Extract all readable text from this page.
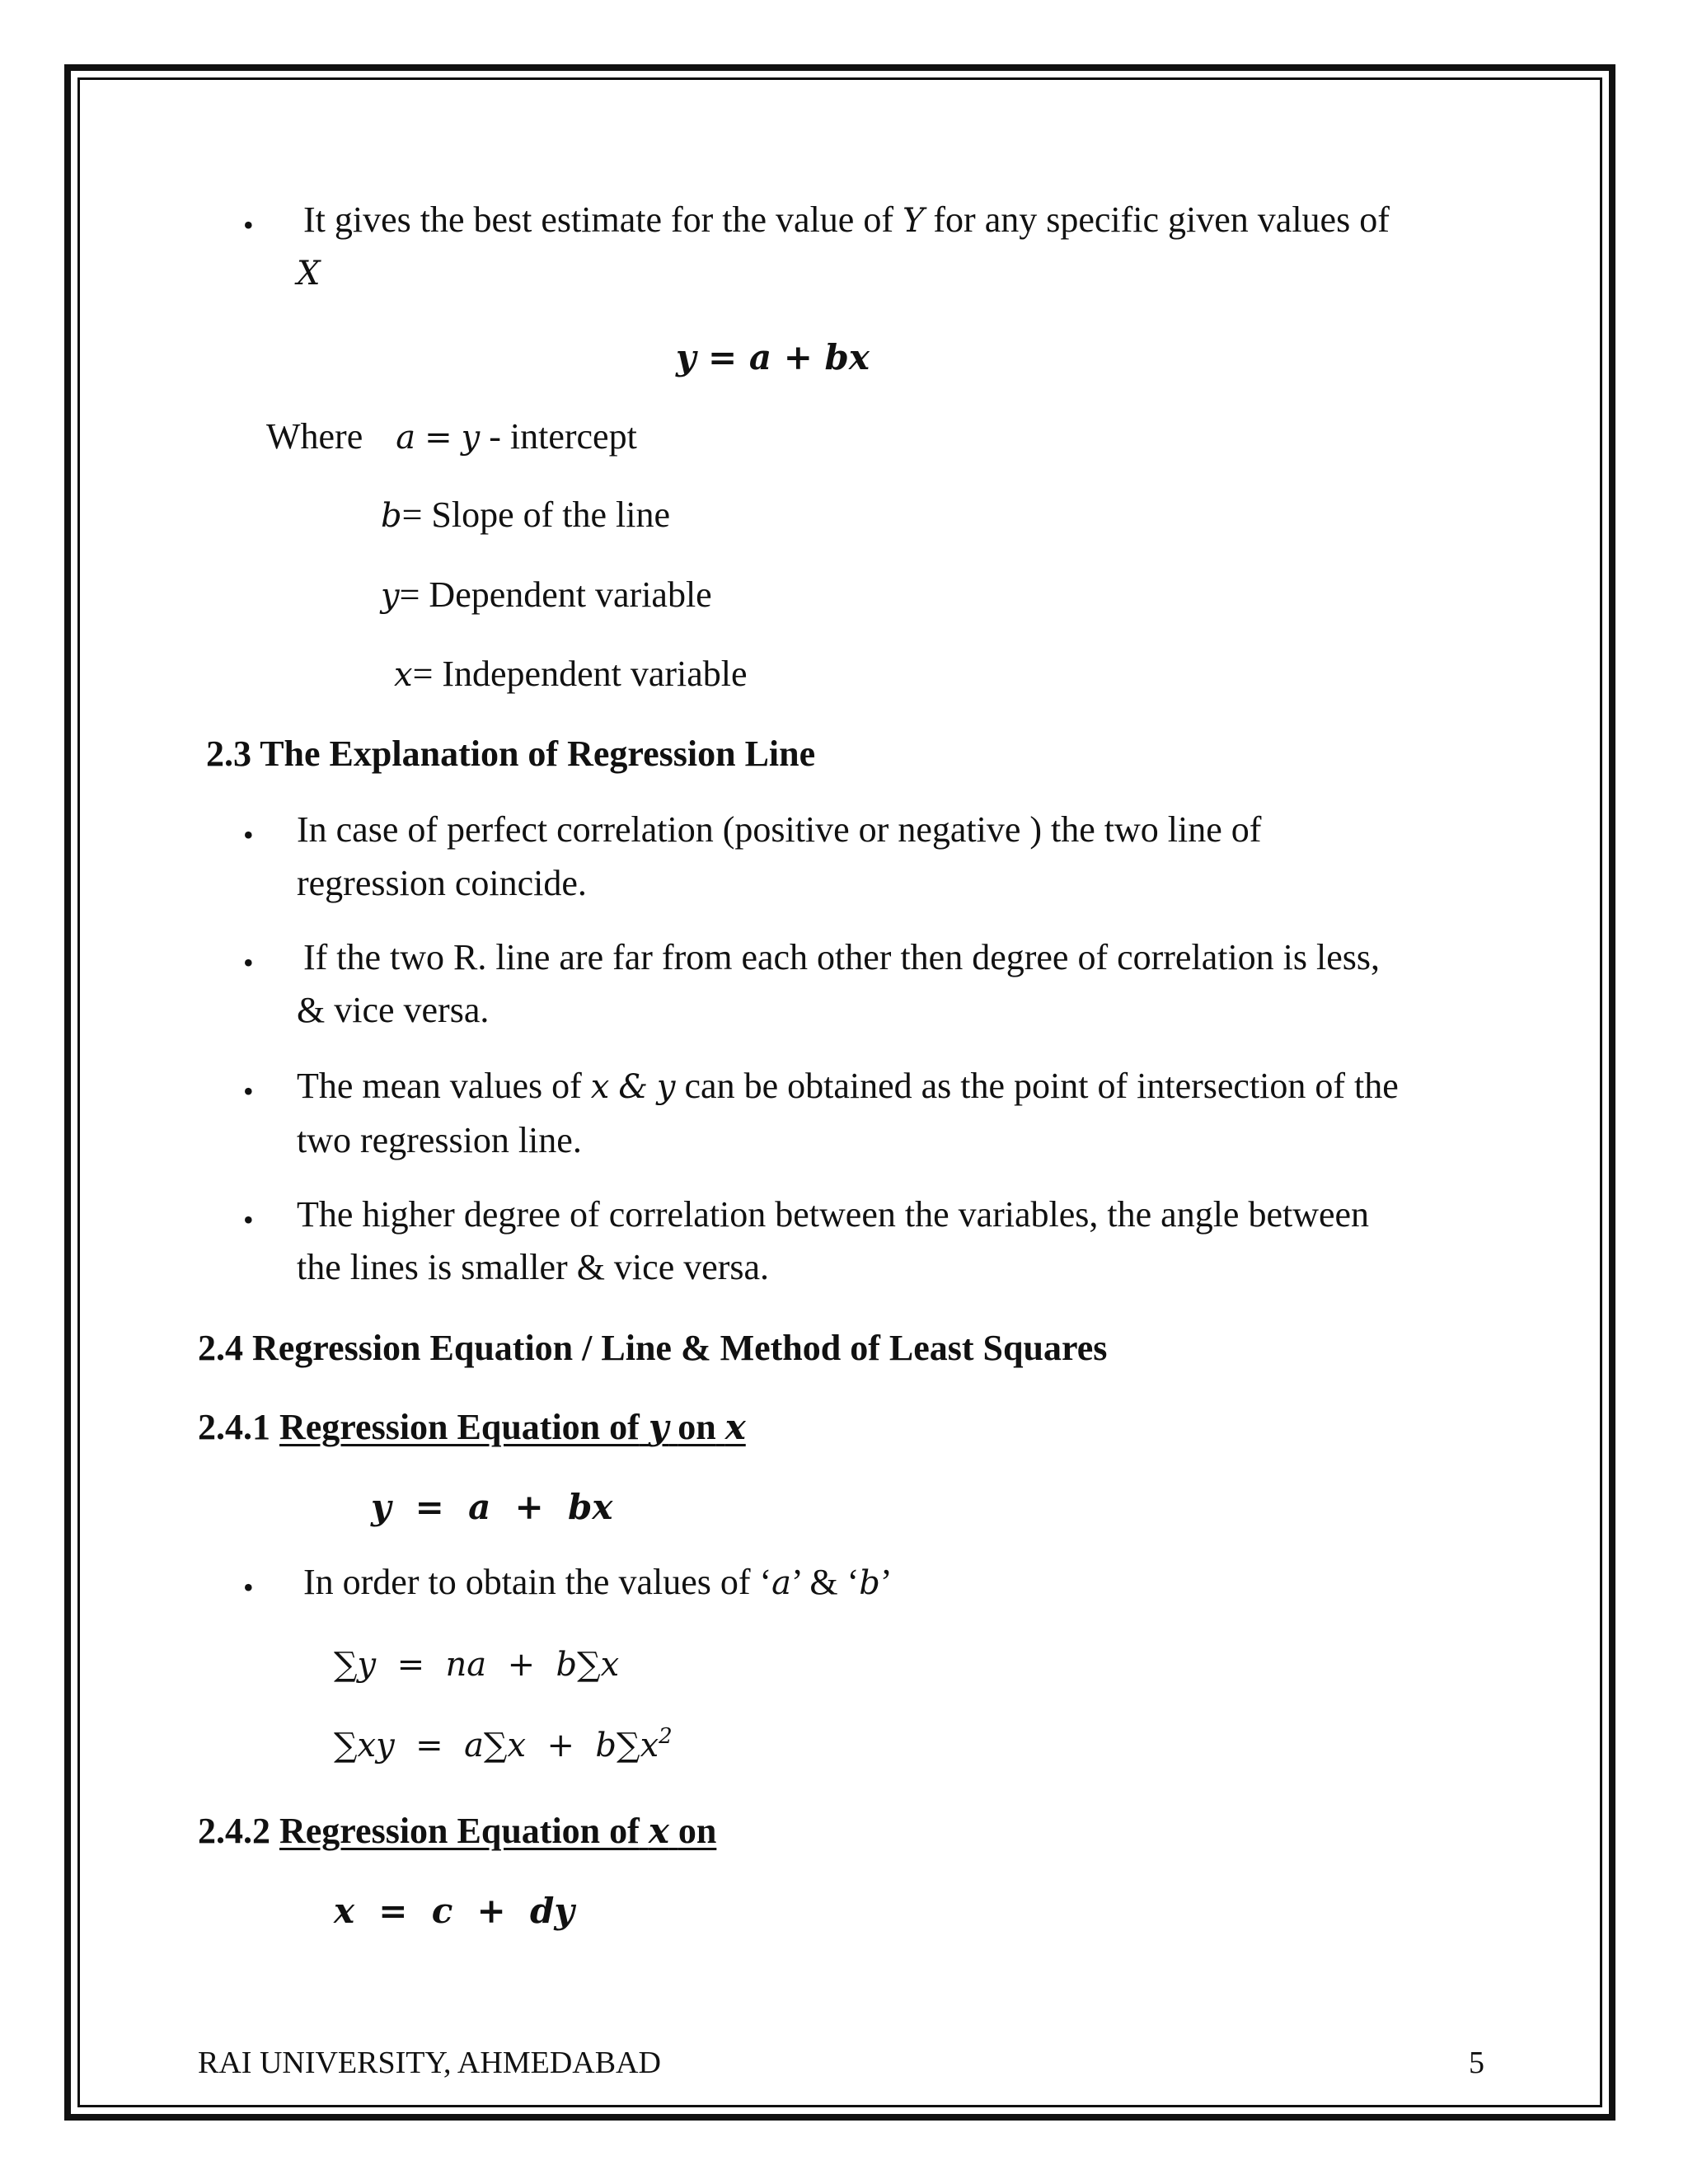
• It gives the best estimate for the value of Y for any specific given values of
X
y = a + bx
Where a = y - intercept
b= Slope of the line
y= Dependent variable
x= Independent variable
2.3 The Explanation of Regression Line
• In case of perfect correlation (positive or negative ) the two line of
regression coincide.
• If the two R. line are far from each other then degree of correlation is less,
& vice versa.
• The mean values of x & y can be obtained as the point of intersection of the
two regression line.
• The higher degree of correlation between the variables, the angle between
the lines is smaller & vice versa.
2.4 Regression Equation / Line & Method of Least Squares
2.4.1 Regression Equation of y on x
y  =  a  +  bx
• In order to obtain the values of ‘a’ & ‘b’
∑y  =  na  +  b∑x
$\sum xy = a\sum x + b\sum x^2$
2.4.2 Regression Equation of x on
x  =  c  +  dy
RAI UNIVERSITY, AHMEDABAD	5
